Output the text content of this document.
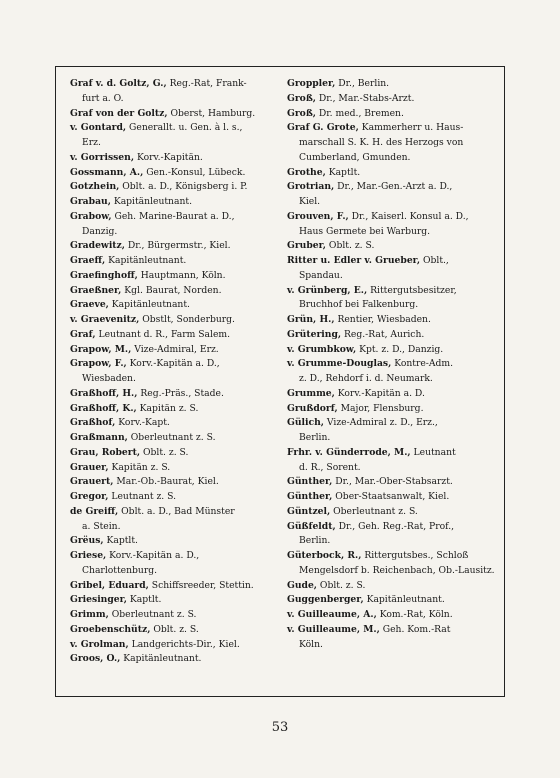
Graf v. d. Goltz, G., Reg.-Rat, Frank-
furt a. O.
Graf von der Goltz, Oberst, Hamburg.
v. Gontard, Generallt. u. Gen. à l. s.,
Erz.
v. Gorrissen, Korv.-Kapitän.
Gossmann, A., Gen.-Konsul, Lübeck.
Gotzhein, Oblt. a. D., Königsberg i. P.
Grabau, Kapitänleutnant.
Grabow, Geh. Marine-Baurat a. D.,
Danzig.
Gradewitz, Dr., Bürgermstr., Kiel.
Graeff, Kapitänleutnant.
Graefinghoff, Hauptmann, Köln.
Graeßner, Kgl. Baurat, Norden.
Graeve, Kapitänleutnant.
v. Graevenitz, Obstlt, Sonderburg.
Graf, Leutnant d. R., Farm Salem.
Grapow, M., Vize-Admiral, Erz.
Grapow, F., Korv.-Kapitän a. D.,
Wiesbaden.
Graßhoff, H., Reg.-Präs., Stade.
Graßhoff, K., Kapitän z. S.
Graßhof, Korv.-Kapt.
Graßmann, Oberleutnant z. S.
Grau, Robert, Oblt. z. S.
Grauer, Kapitän z. S.
Grauert, Mar.-Ob.-Baurat, Kiel.
Gregor, Leutnant z. S.
de Greiff, Oblt. a. D., Bad Münster
a. Stein.
Grëus, Kaptlt.
Griese, Korv.-Kapitän a. D.,
Charlottenburg.
Gribel, Eduard, Schiffsreeder, Stettin.
Griesinger, Kaptlt.
Grimm, Oberleutnant z. S.
Groebenschütz, Oblt. z. S.
v. Grolman, Landgerichts-Dir., Kiel.
Groos, O., Kapitänleutnant.
Groppler, Dr., Berlin.
Groß, Dr., Mar.-Stabs-Arzt.
Groß, Dr. med., Bremen.
Graf G. Grote, Kammerherr u. Haus-
marschall S. K. H. des Herzogs von Cumberland, Gmunden.
Grothe, Kaptlt.
Grotrian, Dr., Mar.-Gen.-Arzt a. D.,
Kiel.
Grouven, F., Dr., Kaiserl. Konsul a. D.,
Haus Germete bei Warburg.
Gruber, Oblt. z. S.
Ritter u. Edler v. Grueber, Oblt.,
Spandau.
v. Grünberg, E., Rittergutsbesitzer,
Bruchhof bei Falkenburg.
Grün, H., Rentier, Wiesbaden.
Grütering, Reg.-Rat, Aurich.
v. Grumbkow, Kpt. z. D., Danzig.
v. Grumme-Douglas, Kontre-Adm.
z. D., Rehdorf i. d. Neumark.
Grumme, Korv.-Kapitän a. D.
Grußdorf, Major, Flensburg.
Gülich, Vize-Admiral z. D., Erz.,
Berlin.
Frhr. v. Günderrode, M., Leutnant
d. R., Sorent.
Günther, Dr., Mar.-Ober-Stabsarzt.
Günther, Ober-Staatsanwalt, Kiel.
Güntzel, Oberleutnant z. S.
Güßfeldt, Dr., Geh. Reg.-Rat, Prof.,
Berlin.
Güterbock, R., Rittergutsbes., Schloß
Mengelsdorf b. Reichenbach, Ob.-Lausitz.
Gude, Oblt. z. S.
Guggenberger, Kapitänleutnant.
v. Guilleaume, A., Kom.-Rat, Köln.
v. Guilleaume, M., Geh. Kom.-Rat
Köln.
53
